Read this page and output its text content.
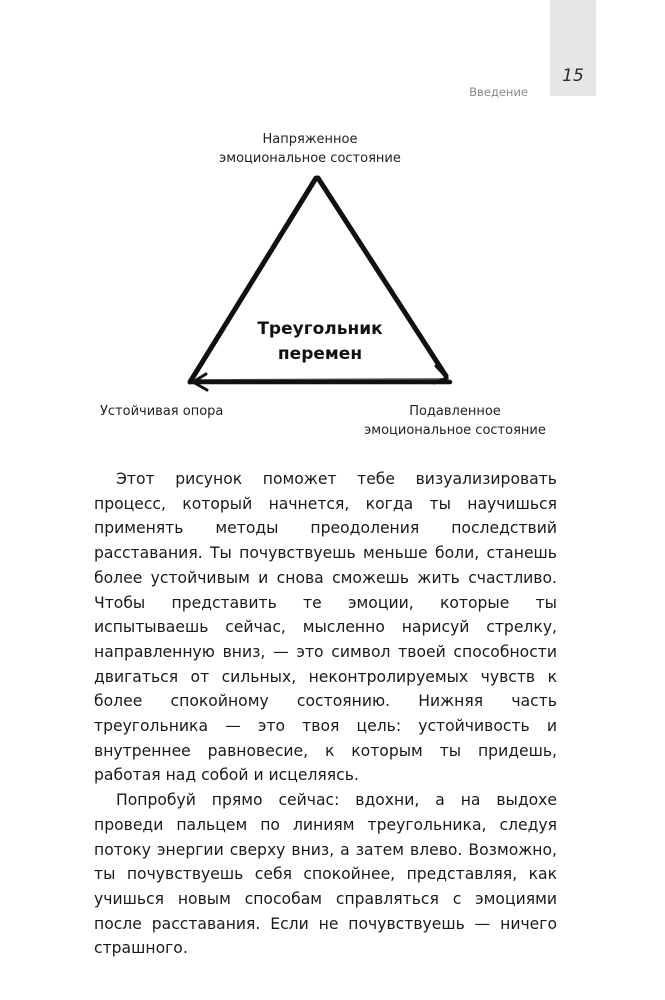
15
Введение
Напряженное
эмоциональное состояние
Устойчивая опора	Подавленное
эмоциональное состояние
Треугольник
перемен

Этот рисунок поможет тебе визуализировать процесс, который начнется, когда ты научишься применять методы преодоления последствий расставания. Ты почувствуешь меньше боли, станешь более устойчивым и снова сможешь жить счастливо. Чтобы представить те эмоции, которые ты испытываешь сейчас, мысленно нарисуй стрелку, направленную вниз, — это символ твоей способности двигаться от сильных, неконтролируемых чувств к более спокойному состоянию. Нижняя часть треугольника — это твоя цель: устойчивость и внутреннее равновесие, к которым ты придешь, работая над собой и исцеляясь.

Попробуй прямо сейчас: вдохни, а на выдохе проведи пальцем по линиям треугольника, следуя потоку энергии сверху вниз, а затем влево. Возможно, ты почувствуешь себя спокойнее, представляя, как учишься новым способам справляться с эмоциями после расставания. Если не почувствуешь — ничего страшного.
